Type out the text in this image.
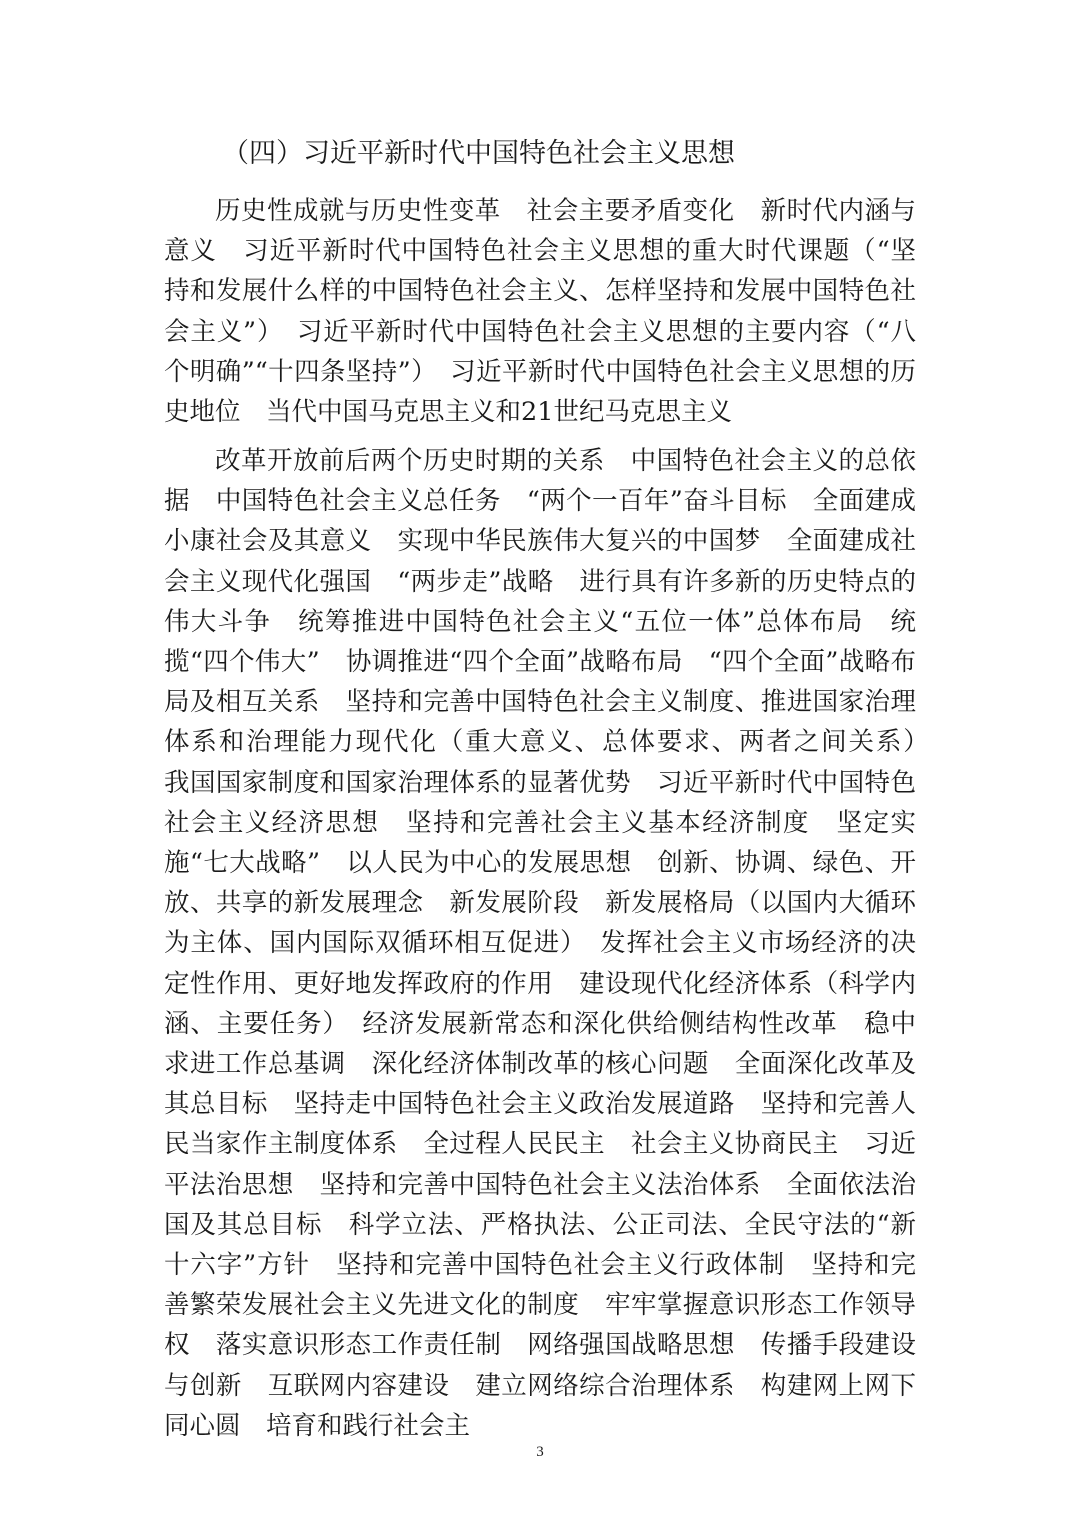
（四）习近平新时代中国特色社会主义思想

历史性成就与历史性变革　社会主要矛盾变化　新时代内涵与意义　习近平新时代中国特色社会主义思想的重大时代课题（“坚持和发展什么样的中国特色社会主义、怎样坚持和发展中国特色社会主义”）　习近平新时代中国特色社会主义思想的主要内容（“八个明确”“十四条坚持”）　习近平新时代中国特色社会主义思想的历史地位　当代中国马克思主义和21世纪马克思主义

改革开放前后两个历史时期的关系　中国特色社会主义的总依据　中国特色社会主义总任务　“两个一百年”奋斗目标　全面建成小康社会及其意义　实现中华民族伟大复兴的中国梦　全面建成社会主义现代化强国　“两步走”战略　进行具有许多新的历史特点的伟大斗争　统筹推进中国特色社会主义“五位一体”总体布局　统揽“四个伟大”　协调推进“四个全面”战略布局　“四个全面”战略布局及相互关系　坚持和完善中国特色社会主义制度、推进国家治理体系和治理能力现代化（重大意义、总体要求、两者之间关系）　我国国家制度和国家治理体系的显著优势　习近平新时代中国特色社会主义经济思想　坚持和完善社会主义基本经济制度　坚定实施“七大战略”　以人民为中心的发展思想　创新、协调、绿色、开放、共享的新发展理念　新发展阶段　新发展格局（以国内大循环为主体、国内国际双循环相互促进）　发挥社会主义市场经济的决定性作用、更好地发挥政府的作用　建设现代化经济体系（科学内涵、主要任务）　经济发展新常态和深化供给侧结构性改革　稳中求进工作总基调　深化经济体制改革的核心问题　全面深化改革及其总目标　坚持走中国特色社会主义政治发展道路　坚持和完善人民当家作主制度体系　全过程人民民主　社会主义协商民主　习近平法治思想　坚持和完善中国特色社会主义法治体系　全面依法治国及其总目标　科学立法、严格执法、公正司法、全民守法的“新十六字”方针　坚持和完善中国特色社会主义行政体制　坚持和完善繁荣发展社会主义先进文化的制度　牢牢掌握意识形态工作领导权　落实意识形态工作责任制　网络强国战略思想　传播手段建设与创新　互联网内容建设　建立网络综合治理体系　构建网上网下同心圆　培育和践行社会主

3
